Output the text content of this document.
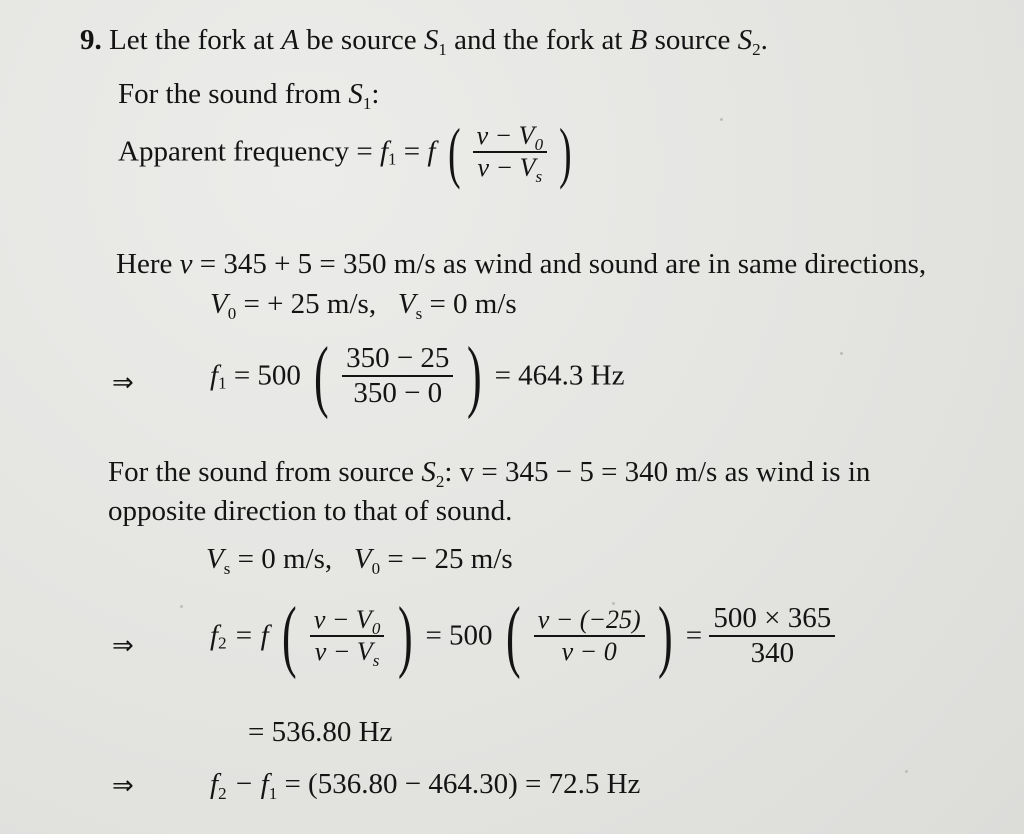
9. Let the fork at A be source $S_1$ and the fork at B source $S_2$.
For the sound from $S_1$:
Apparent frequency = $f_1 = f$ ( $\frac{v - V_0}{v - V_s}$ )
Here v = 345 + 5 = 350 m/s as wind and sound are in same directions,
$V_0$ = + 25 m/s, $V_s = 0$ m/s
⇒	$f_1 = 500$ ( $\frac{350 - 25}{350 - 0}$ ) = 464.3 Hz
For the sound from source $S_2$: v = 345 − 5 = 340 m/s as wind is in
opposite direction to that of sound.
$V_s = 0$ m/s, $V_0$ = − 25 m/s
⇒	$f_2 = f$ ( $\frac{v - V_0}{v - V_s}$ ) = 500 ( $\frac{v - (-25)}{v - 0}$ ) = $\frac{500 \times 365}{340}$
= 536.80 Hz
⇒	$f_2 - f_1 = (536.80 - 464.30) = 72.5$ Hz
